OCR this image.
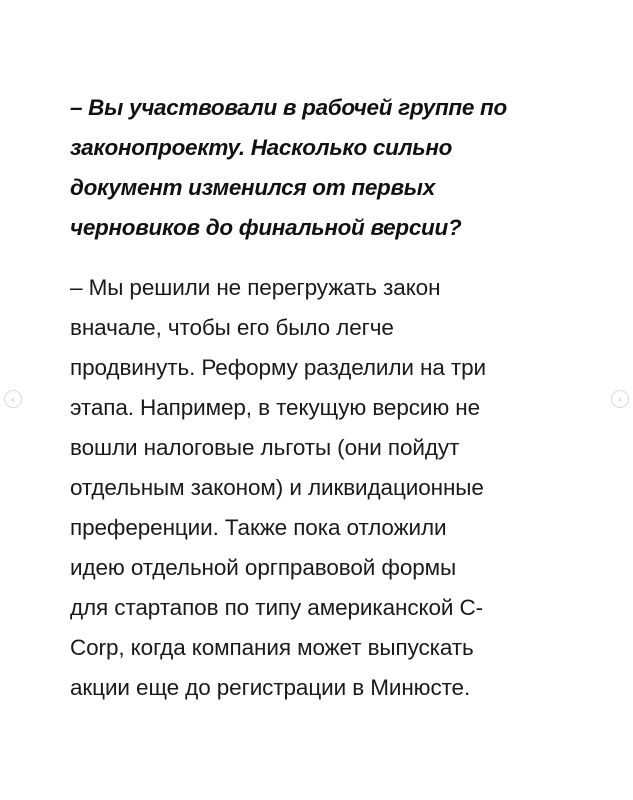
‹

– Вы участвовали в рабочей группе по
законопроекту. Насколько сильно
документ изменился от первых
черновиков до финальной версии?

– Мы решили не перегружать закон
вначале, чтобы его было легче
продвинуть. Реформу разделили на три
этапа. Например, в текущую версию не
вошли налоговые льготы (они пойдут
отдельным законом) и ликвидационные
преференции. Также пока отложили
идею отдельной оргправовой формы
для стартапов по типу американской C-
Corp, когда компания может выпускать
акции еще до регистрации в Минюсте.

›
